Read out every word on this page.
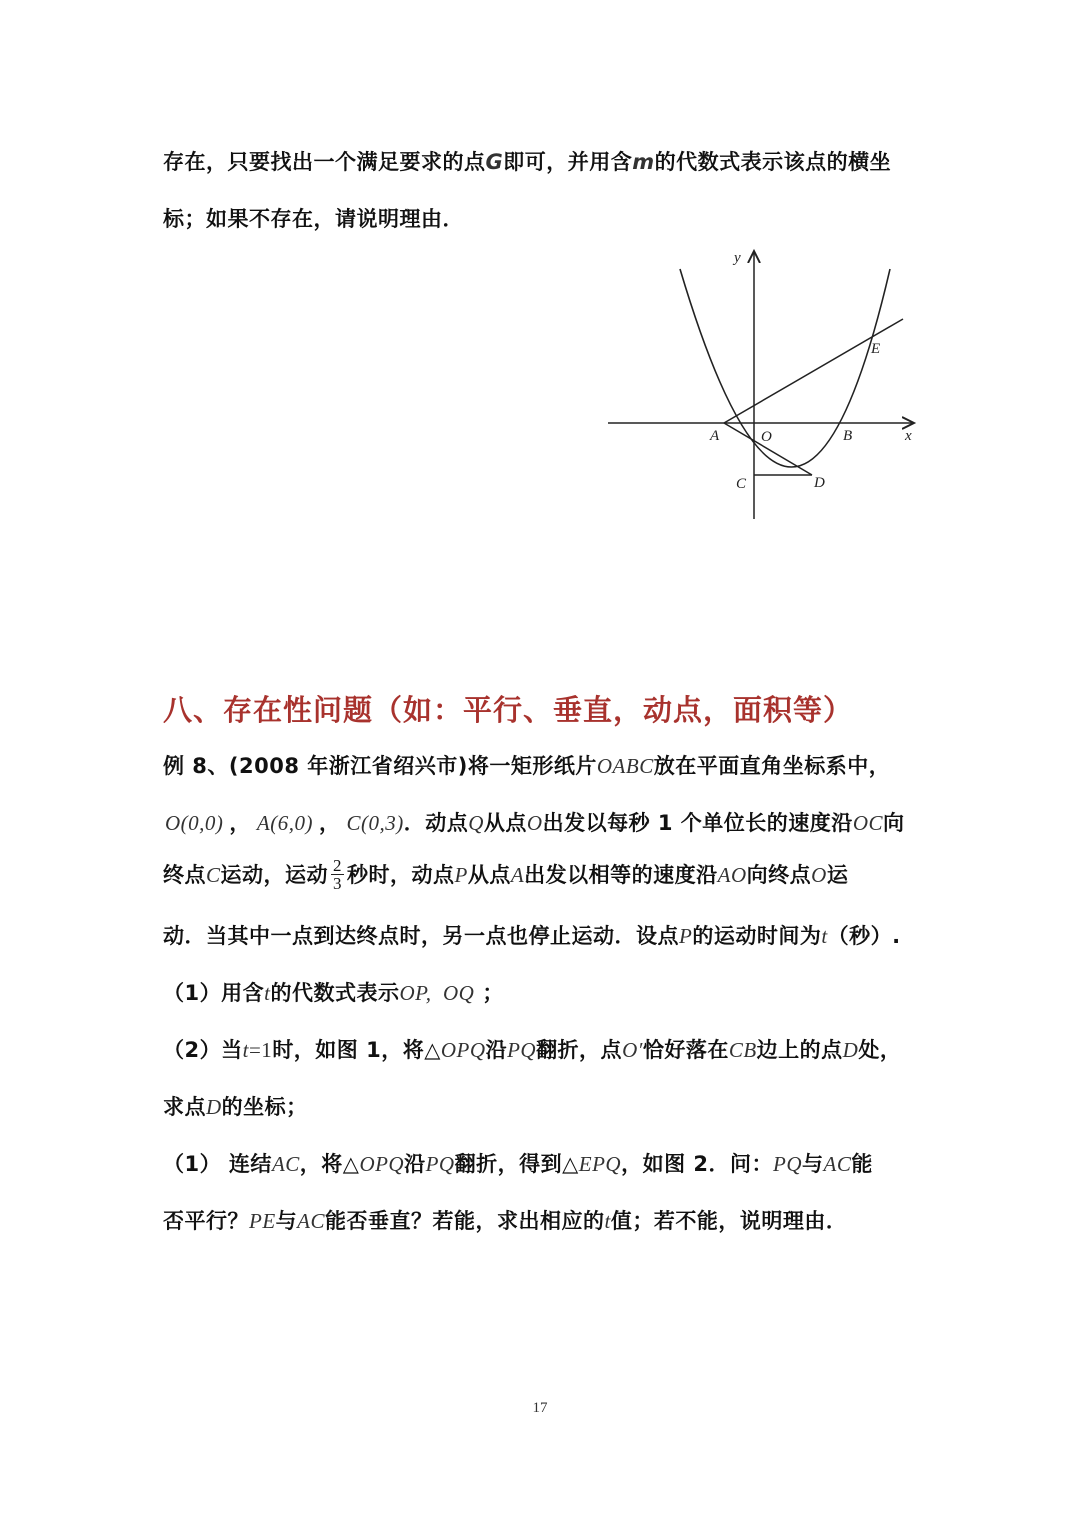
存在，只要找出一个满足要求的点G即可，并用含m的代数式表示该点的横坐
标；如果不存在，请说明理由．
y
x
O
A	B
C	D
E
八、存在性问题（如：平行、垂直，动点，面积等）
例 8、(2008 年浙江省绍兴市)将一矩形纸片OABC放在平面直角坐标系中，
O(0,0) ， A(6,0) ， C(0,3)．动点Q从点O出发以每秒 1 个单位长的速度沿OC向
终点C运动，运动 $\frac{2}{3}$ 秒时，动点P从点A出发以相等的速度沿AO向终点O运
动．当其中一点到达终点时，另一点也停止运动．设点P的运动时间为t（秒）.
（1）用含t的代数式表示OP,  OQ ；
（2）当t=1时，如图 1，将△OPQ沿PQ翻折，点O′恰好落在CB边上的点D处，
求点D的坐标；
（1） 连结AC，将△OPQ沿PQ翻折，得到△EPQ，如图 2．问：PQ与AC能
否平行？PE与AC能否垂直？若能，求出相应的t值；若不能，说明理由．
17
